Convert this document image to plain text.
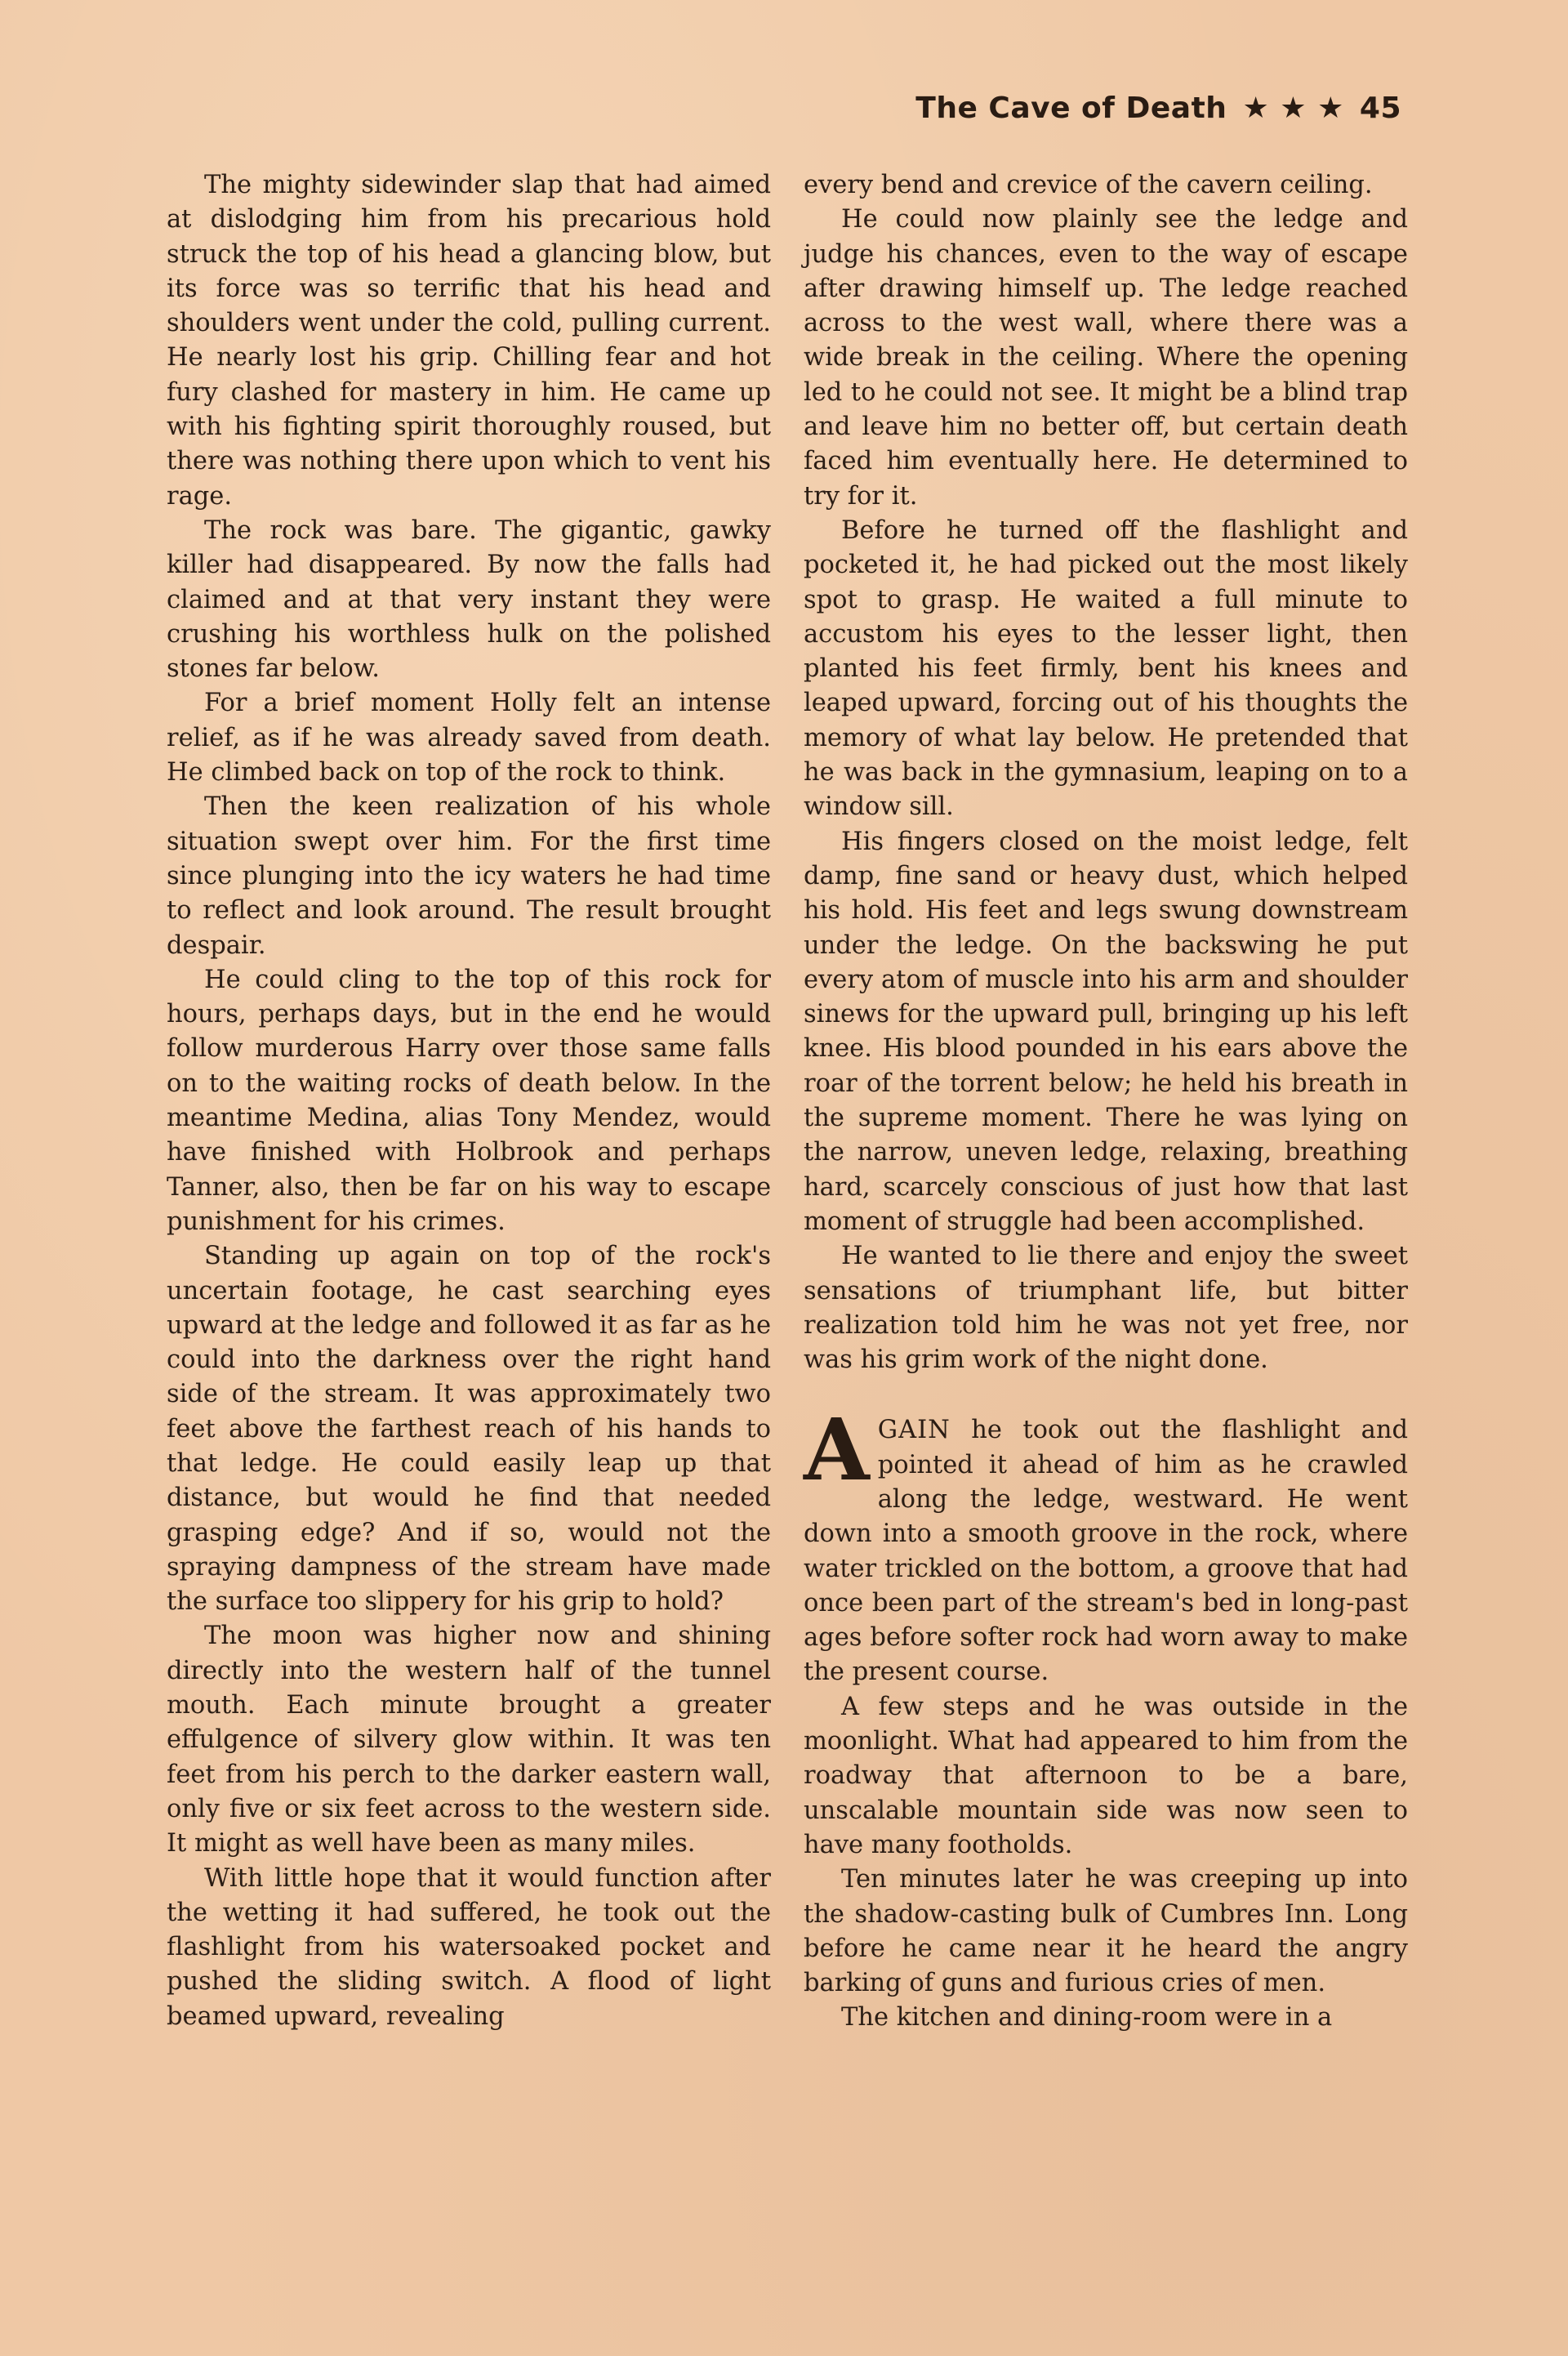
The Cave of Death ★ ★ ★ 45

The mighty sidewinder slap that had aimed at dislodging him from his precarious hold struck the top of his head a glancing blow, but its force was so terrific that his head and shoulders went under the cold, pulling current. He nearly lost his grip. Chilling fear and hot fury clashed for mastery in him. He came up with his fighting spirit thoroughly roused, but there was nothing there upon which to vent his rage.

The rock was bare. The gigantic, gawky killer had disappeared. By now the falls had claimed and at that very instant they were crushing his worthless hulk on the polished stones far below.

For a brief moment Holly felt an intense relief, as if he was already saved from death. He climbed back on top of the rock to think.

Then the keen realization of his whole situation swept over him. For the first time since plunging into the icy waters he had time to reflect and look around. The result brought despair.

He could cling to the top of this rock for hours, perhaps days, but in the end he would follow murderous Harry over those same falls on to the waiting rocks of death below. In the meantime Medina, alias Tony Mendez, would have finished with Holbrook and perhaps Tanner, also, then be far on his way to escape punishment for his crimes.

Standing up again on top of the rock's uncertain footage, he cast searching eyes upward at the ledge and followed it as far as he could into the darkness over the right hand side of the stream. It was approximately two feet above the farthest reach of his hands to that ledge. He could easily leap up that distance, but would he find that needed grasping edge? And if so, would not the spraying dampness of the stream have made the surface too slippery for his grip to hold?

The moon was higher now and shining directly into the western half of the tunnel mouth. Each minute brought a greater effulgence of silvery glow within. It was ten feet from his perch to the darker eastern wall, only five or six feet across to the western side. It might as well have been as many miles.

With little hope that it would function after the wetting it had suffered, he took out the flashlight from his watersoaked pocket and pushed the sliding switch. A flood of light beamed upward, revealing

every bend and crevice of the cavern ceiling.

He could now plainly see the ledge and judge his chances, even to the way of escape after drawing himself up. The ledge reached across to the west wall, where there was a wide break in the ceiling. Where the opening led to he could not see. It might be a blind trap and leave him no better off, but certain death faced him eventually here. He determined to try for it.

Before he turned off the flashlight and pocketed it, he had picked out the most likely spot to grasp. He waited a full minute to accustom his eyes to the lesser light, then planted his feet firmly, bent his knees and leaped upward, forcing out of his thoughts the memory of what lay below. He pretended that he was back in the gymnasium, leaping on to a window sill.

His fingers closed on the moist ledge, felt damp, fine sand or heavy dust, which helped his hold. His feet and legs swung downstream under the ledge. On the backswing he put every atom of muscle into his arm and shoulder sinews for the upward pull, bringing up his left knee. His blood pounded in his ears above the roar of the torrent below; he held his breath in the supreme moment. There he was lying on the narrow, uneven ledge, relaxing, breathing hard, scarcely conscious of just how that last moment of struggle had been accomplished.

He wanted to lie there and enjoy the sweet sensations of triumphant life, but bitter realization told him he was not yet free, nor was his grim work of the night done.

AGAIN he took out the flashlight and pointed it ahead of him as he crawled along the ledge, westward. He went down into a smooth groove in the rock, where water trickled on the bottom, a groove that had once been part of the stream's bed in long-past ages before softer rock had worn away to make the present course.

A few steps and he was outside in the moonlight. What had appeared to him from the roadway that afternoon to be a bare, unscalable mountain side was now seen to have many footholds.

Ten minutes later he was creeping up into the shadow-casting bulk of Cumbres Inn. Long before he came near it he heard the angry barking of guns and furious cries of men.

The kitchen and dining-room were in a
